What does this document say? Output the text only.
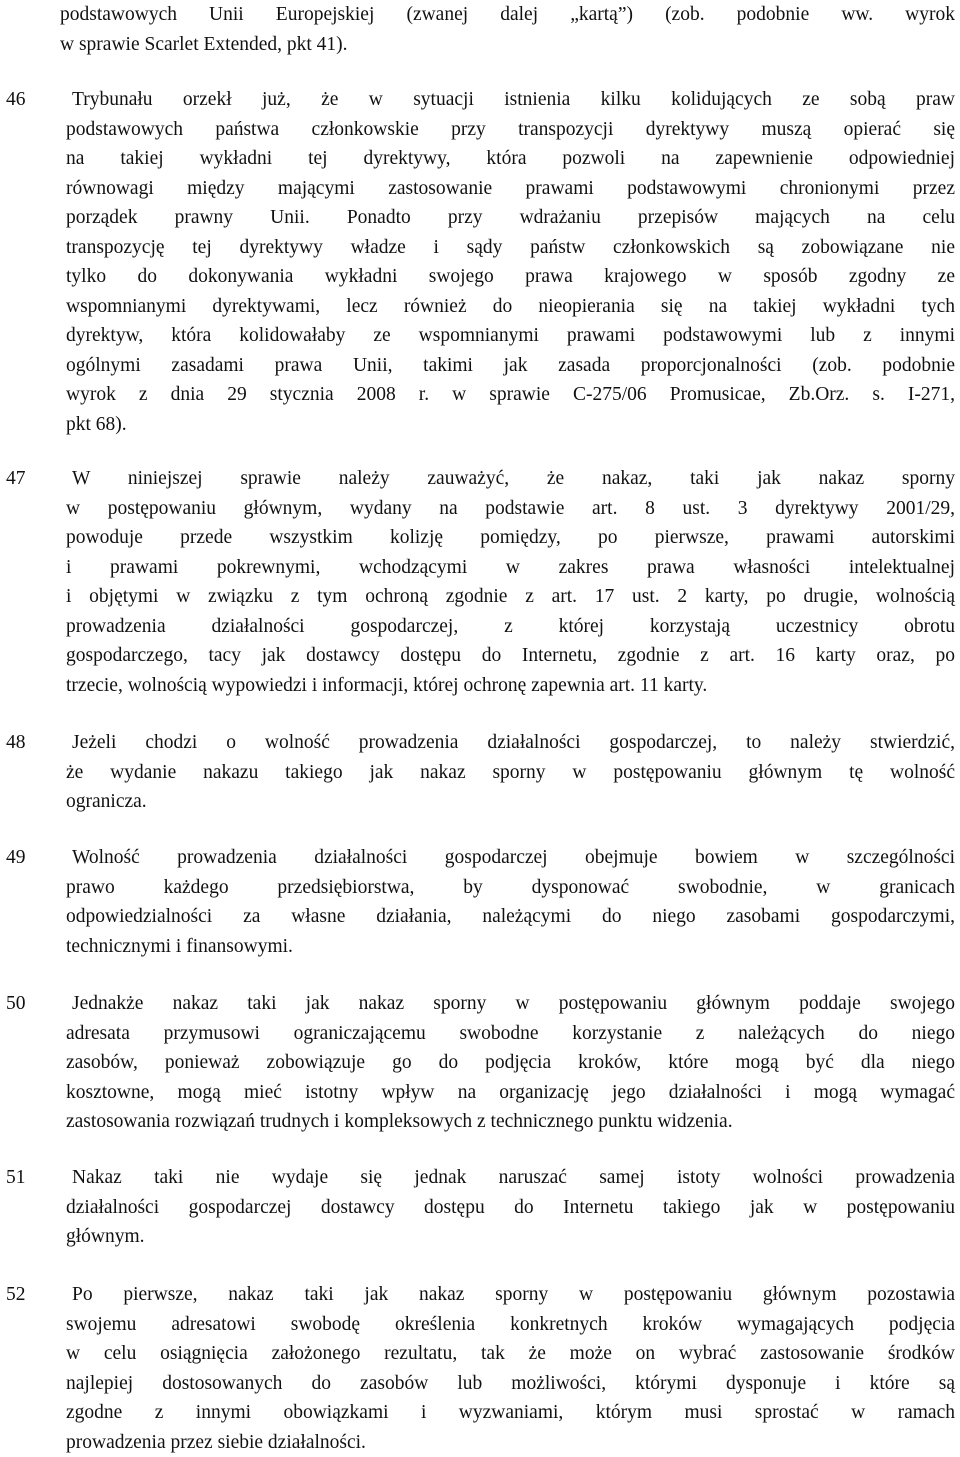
podstawowych Unii Europejskiej (zwanej dalej „kartą”) (zob. podobnie ww. wyrok
w sprawie Scarlet Extended, pkt 41).
46	Trybunału orzekł już, że w sytuacji istnienia kilku kolidujących ze sobą praw
podstawowych państwa członkowskie przy transpozycji dyrektywy muszą opierać się
na takiej wykładni tej dyrektywy, która pozwoli na zapewnienie odpowiedniej
równowagi między mającymi zastosowanie prawami podstawowymi chronionymi przez
porządek prawny Unii. Ponadto przy wdrażaniu przepisów mających na celu
transpozycję tej dyrektywy władze i sądy państw członkowskich są zobowiązane nie
tylko do dokonywania wykładni swojego prawa krajowego w sposób zgodny ze
wspomnianymi dyrektywami, lecz również do nieopierania się na takiej wykładni tych
dyrektyw, która kolidowałaby ze wspomnianymi prawami podstawowymi lub z innymi
ogólnymi zasadami prawa Unii, takimi jak zasada proporcjonalności (zob. podobnie
wyrok z dnia 29 stycznia 2008 r. w sprawie C-275/06 Promusicae, Zb.Orz. s. I-271,
pkt 68).
47	W niniejszej sprawie należy zauważyć, że nakaz, taki jak nakaz sporny
w postępowaniu głównym, wydany na podstawie art. 8 ust. 3 dyrektywy 2001/29,
powoduje przede wszystkim kolizję pomiędzy, po pierwsze, prawami autorskimi
i prawami pokrewnymi, wchodzącymi w zakres prawa własności intelektualnej
i objętymi w związku z tym ochroną zgodnie z art. 17 ust. 2 karty, po drugie, wolnością
prowadzenia działalności gospodarczej, z której korzystają uczestnicy obrotu
gospodarczego, tacy jak dostawcy dostępu do Internetu, zgodnie z art. 16 karty oraz, po
trzecie, wolnością wypowiedzi i informacji, której ochronę zapewnia art. 11 karty.
48	Jeżeli chodzi o wolność prowadzenia działalności gospodarczej, to należy stwierdzić,
że wydanie nakazu takiego jak nakaz sporny w postępowaniu głównym tę wolność
ogranicza.
49	Wolność prowadzenia działalności gospodarczej obejmuje bowiem w szczególności
prawo każdego przedsiębiorstwa, by dysponować swobodnie, w granicach
odpowiedzialności za własne działania, należącymi do niego zasobami gospodarczymi,
technicznymi i finansowymi.
50	Jednakże nakaz taki jak nakaz sporny w postępowaniu głównym poddaje swojego
adresata przymusowi ograniczającemu swobodne korzystanie z należących do niego
zasobów, ponieważ zobowiązuje go do podjęcia kroków, które mogą być dla niego
kosztowne, mogą mieć istotny wpływ na organizację jego działalności i mogą wymagać
zastosowania rozwiązań trudnych i kompleksowych z technicznego punktu widzenia.
51	Nakaz taki nie wydaje się jednak naruszać samej istoty wolności prowadzenia
działalności gospodarczej dostawcy dostępu do Internetu takiego jak w postępowaniu
głównym.
52	Po pierwsze, nakaz taki jak nakaz sporny w postępowaniu głównym pozostawia
swojemu adresatowi swobodę określenia konkretnych kroków wymagających podjęcia
w celu osiągnięcia założonego rezultatu, tak że może on wybrać zastosowanie środków
najlepiej dostosowanych do zasobów lub możliwości, którymi dysponuje i które są
zgodne z innymi obowiązkami i wyzwaniami, którym musi sprostać w ramach
prowadzenia przez siebie działalności.
